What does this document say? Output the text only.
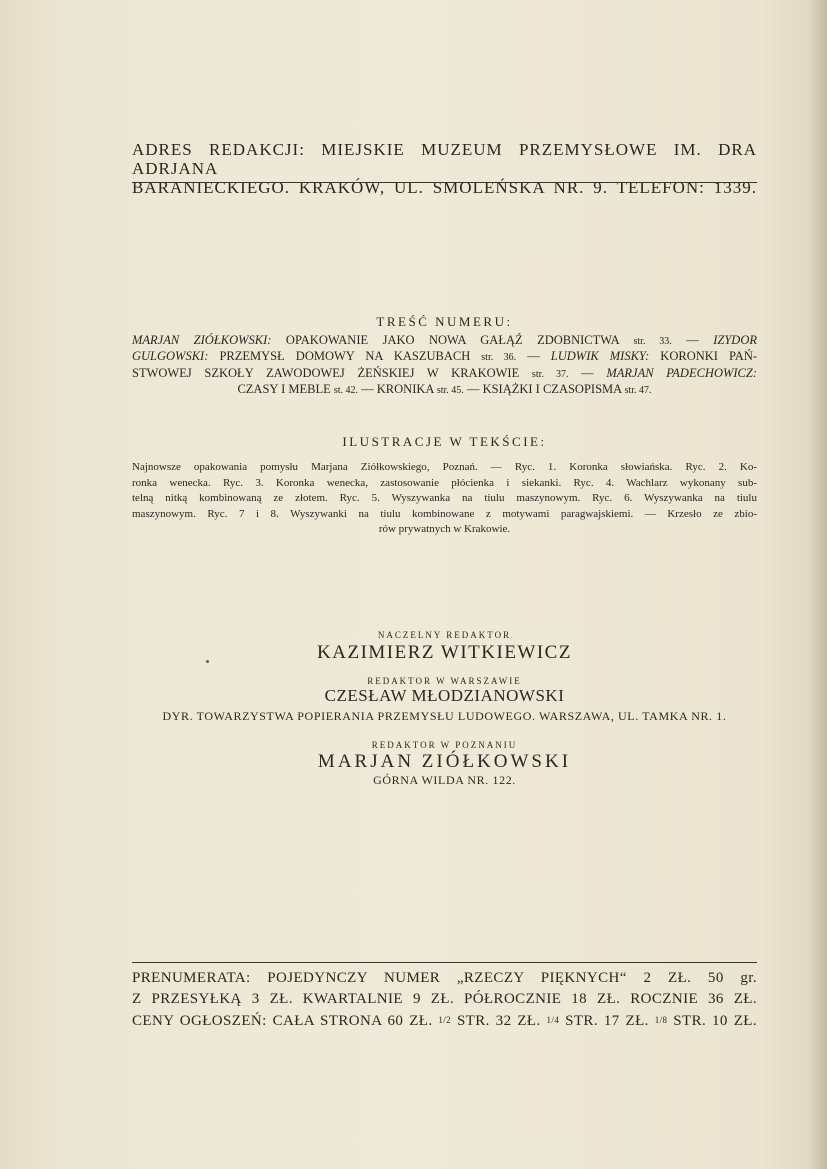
ADRES REDAKCJI: MIEJSKIE MUZEUM PRZEMYSŁOWE IM. DRA ADRJANA
BARANIECKIEGO. KRAKÓW, UL. SMOLEŃSKA NR. 9. TELEFON: 1339.
TREŚĆ NUMERU:
MARJAN ZIÓŁKOWSKI: OPAKOWANIE JAKO NOWA GAŁĄŹ ZDOBNICTWA str. 33. — IZYDOR
GULGOWSKI: PRZEMYSŁ DOMOWY NA KASZUBACH str. 36. — LUDWIK MISKY: KORONKI PAŃ-
STWOWEJ SZKOŁY ZAWODOWEJ ŻEŃSKIEJ W KRAKOWIE str. 37. — MARJAN PADECHOWICZ:
CZASY I MEBLE st. 42. — KRONIKA str. 45. — KSIĄŻKI I CZASOPISMA str. 47.
ILUSTRACJE W TEKŚCIE:
Najnowsze opakowania pomysłu Marjana Ziółkowskiego, Poznań. — Ryc. 1. Koronka słowiańska. Ryc. 2. Ko-
ronka wenecka. Ryc. 3. Koronka wenecka, zastosowanie płócienka i siekanki. Ryc. 4. Wachlarz wykonany sub-
telną nitką kombinowaną ze złotem. Ryc. 5. Wyszywanka na tiulu maszynowym. Ryc. 6. Wyszywanka na tiulu
maszynowym. Ryc. 7 i 8. Wyszywanki na tiulu kombinowane z motywami paragwajskiemi. — Krzesło ze zbio-
rów prywatnych w Krakowie.
NACZELNY REDAKTOR
KAZIMIERZ WITKIEWICZ
REDAKTOR W WARSZAWIE
CZESŁAW MŁODZIANOWSKI
DYR. TOWARZYSTWA POPIERANIA PRZEMYSŁU LUDOWEGO. WARSZAWA, UL. TAMKA NR. 1.
REDAKTOR W POZNANIU
MARJAN ZIÓŁKOWSKI
GÓRNA WILDA NR. 122.
PRENUMERATA: POJEDYNCZY NUMER „RZECZY PIĘKNYCH“ 2 ZŁ. 50 gr.
Z PRZESYŁKĄ 3 ZŁ. KWARTALNIE 9 ZŁ. PÓŁROCZNIE 18 ZŁ. ROCZNIE 36 ZŁ.
CENY OGŁOSZEŃ: CAŁA STRONA 60 ZŁ. 1/2 STR. 32 ZŁ. 1/4 STR. 17 ZŁ. 1/8 STR. 10 ZŁ.
